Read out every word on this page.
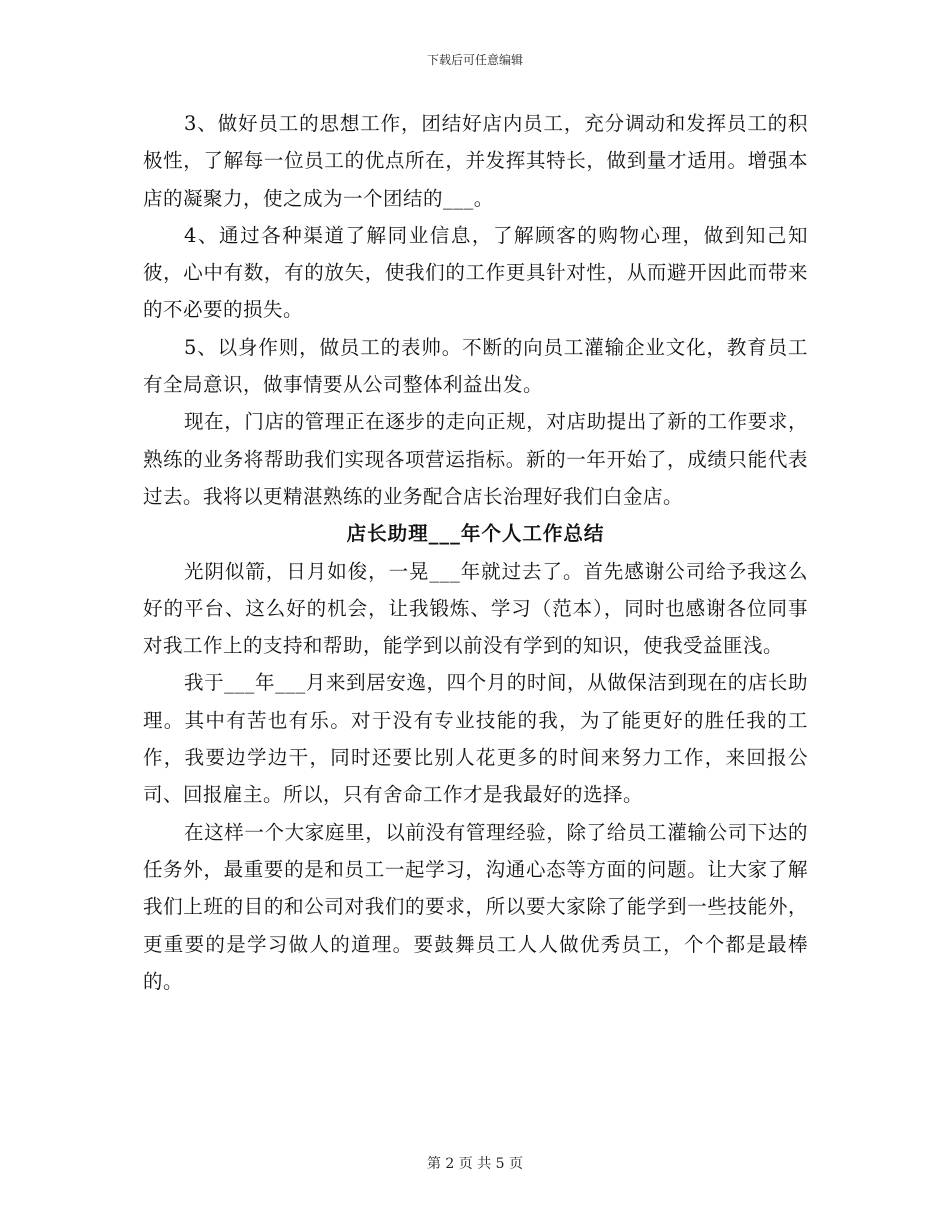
下载后可任意编辑

3、做好员工的思想工作，团结好店内员工，充分调动和发挥员工的积极性，了解每一位员工的优点所在，并发挥其特长，做到量才适用。增强本店的凝聚力，使之成为一个团结的___。

4、通过各种渠道了解同业信息，了解顾客的购物心理，做到知己知彼，心中有数，有的放矢，使我们的工作更具针对性，从而避开因此而带来的不必要的损失。

5、以身作则，做员工的表帅。不断的向员工灌输企业文化，教育员工有全局意识，做事情要从公司整体利益出发。

现在，门店的管理正在逐步的走向正规，对店助提出了新的工作要求，熟练的业务将帮助我们实现各项营运指标。新的一年开始了，成绩只能代表过去。我将以更精湛熟练的业务配合店长治理好我们白金店。

店长助理___年个人工作总结

光阴似箭，日月如俊，一晃___年就过去了。首先感谢公司给予我这么好的平台、这么好的机会，让我锻炼、学习（范本），同时也感谢各位同事对我工作上的支持和帮助，能学到以前没有学到的知识，使我受益匪浅。

我于___年___月来到居安逸，四个月的时间，从做保洁到现在的店长助理。其中有苦也有乐。对于没有专业技能的我，为了能更好的胜任我的工作，我要边学边干，同时还要比别人花更多的时间来努力工作，来回报公司、回报雇主。所以，只有舍命工作才是我最好的选择。

在这样一个大家庭里，以前没有管理经验，除了给员工灌输公司下达的任务外，最重要的是和员工一起学习，沟通心态等方面的问题。让大家了解我们上班的目的和公司对我们的要求，所以要大家除了能学到一些技能外，更重要的是学习做人的道理。要鼓舞员工人人做优秀员工，个个都是最棒的。

第 2 页 共 5 页
